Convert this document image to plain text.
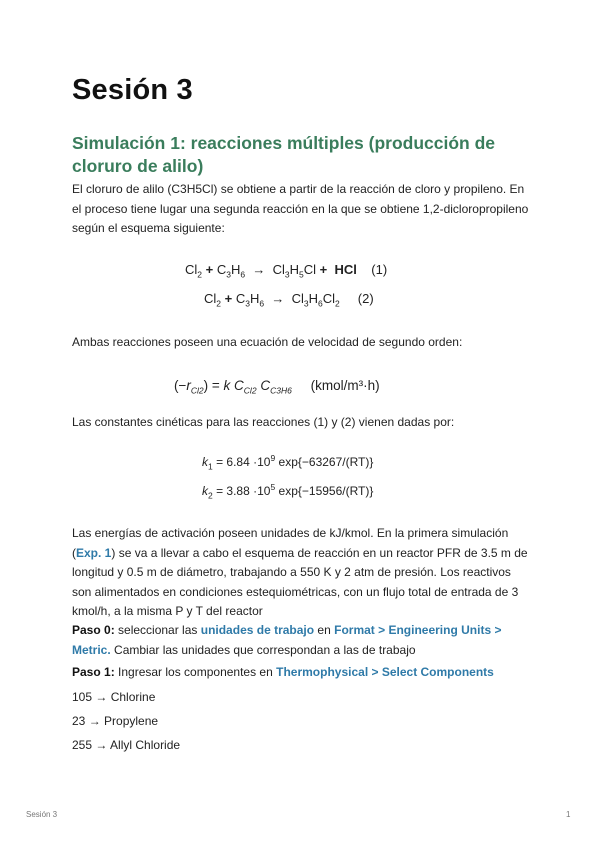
Sesión 3
Simulación 1: reacciones múltiples (producción de cloruro de alilo)

El cloruro de alilo (C3H5Cl) se obtiene a partir de la reacción de cloro y propileno. En el proceso tiene lugar una segunda reacción en la que se obtiene 1,2-dicloropropileno según el esquema siguiente:

$Cl_2 + C_3H_6 \to Cl_3H_5Cl$ + HCl (1)
$Cl_2 + C_3H_6 \to Cl_3H_6Cl_2$ (2)

Ambas reacciones poseen una ecuación de velocidad de segundo orden:

$(-r_{Cl2}) = k$ $C_{Cl2}$ $C_{C3H6}$ (kmol/m³·h)

Las constantes cinéticas para las reacciones (1) y (2) vienen dadas por:

$k_1 = 6.84 \cdot 10^9$ exp{−63267/(RT)}
$k_2 = 3.88 \cdot 10^5$ exp{−15956/(RT)}

Las energías de activación poseen unidades de kJ/kmol. En la primera simulación (Exp. 1) se va a llevar a cabo el esquema de reacción en un reactor PFR de 3.5 m de longitud y 0.5 m de diámetro, trabajando a 550 K y 2 atm de presión. Los reactivos son alimentados en condiciones estequiométricas, con un flujo total de entrada de 3 kmol/h, a la misma P y T del reactor

Paso 0: seleccionar las unidades de trabajo en Format > Engineering Units > Metric. Cambiar las unidades que correspondan a las de trabajo

Paso 1: Ingresar los componentes en Thermophysical > Select Components

105 → Chlorine

23 → Propylene

255 → Allyl Chloride

Sesión 3	1
